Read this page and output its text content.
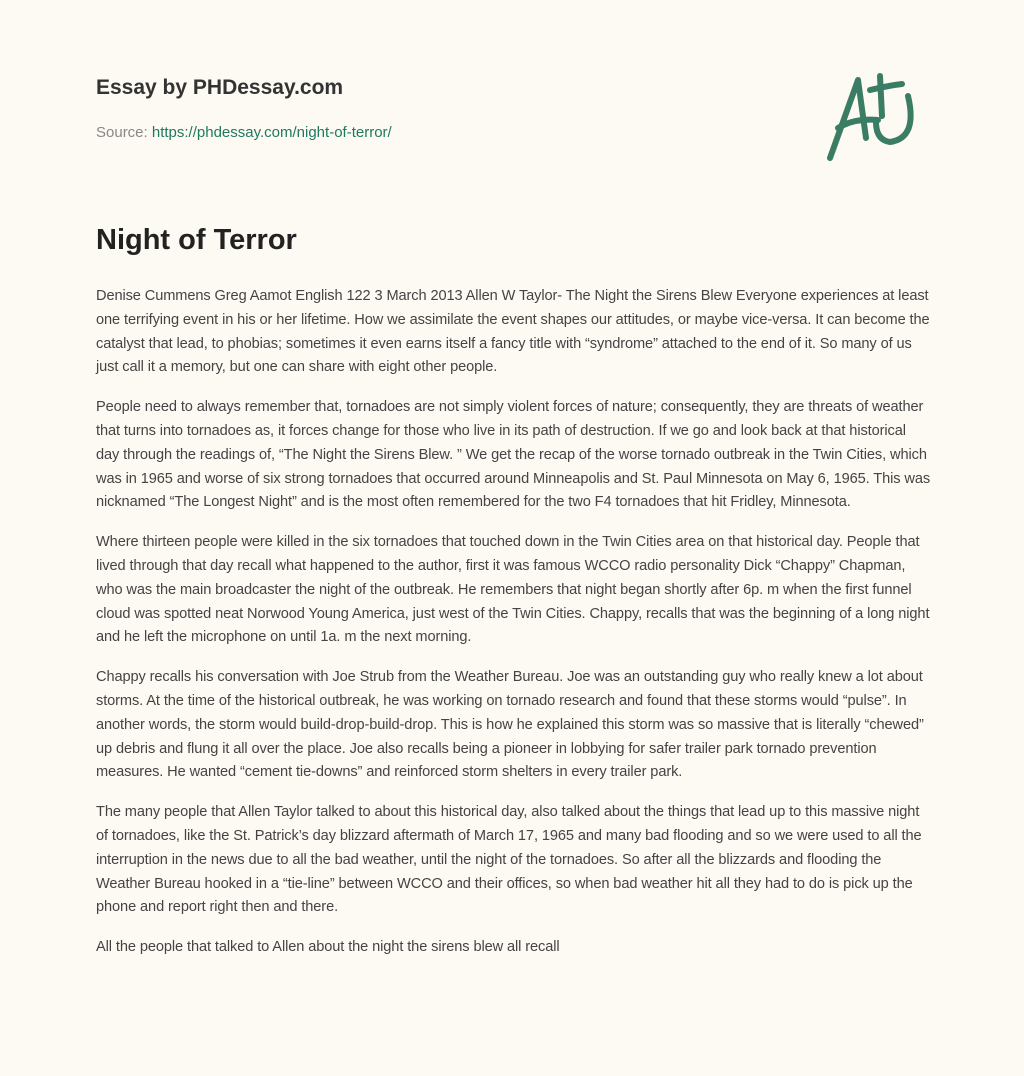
Essay by PHDessay.com

Source: https://phdessay.com/night-of-terror/
Night of Terror

Denise Cummens Greg Aamot English 122 3 March 2013 Allen W Taylor- The Night the Sirens Blew Everyone experiences at least one terrifying event in his or her lifetime. How we assimilate the event shapes our attitudes, or maybe vice-versa. It can become the catalyst that lead, to phobias; sometimes it even earns itself a fancy title with “syndrome” attached to the end of it. So many of us just call it a memory, but one can share with eight other people.

People need to always remember that, tornadoes are not simply violent forces of nature; consequently, they are threats of weather that turns into tornadoes as, it forces change for those who live in its path of destruction. If we go and look back at that historical day through the readings of, “The Night the Sirens Blew. ” We get the recap of the worse tornado outbreak in the Twin Cities, which was in 1965 and worse of six strong tornadoes that occurred around Minneapolis and St. Paul Minnesota on May 6, 1965. This was nicknamed “The Longest Night” and is the most often remembered for the two F4 tornadoes that hit Fridley, Minnesota.

Where thirteen people were killed in the six tornadoes that touched down in the Twin Cities area on that historical day. People that lived through that day recall what happened to the author, first it was famous WCCO radio personality Dick “Chappy” Chapman, who was the main broadcaster the night of the outbreak. He remembers that night began shortly after 6p. m when the first funnel cloud was spotted neat Norwood Young America, just west of the Twin Cities. Chappy, recalls that was the beginning of a long night and he left the microphone on until 1a. m the next morning.

Chappy recalls his conversation with Joe Strub from the Weather Bureau. Joe was an outstanding guy who really knew a lot about storms. At the time of the historical outbreak, he was working on tornado research and found that these storms would “pulse”. In another words, the storm would build-drop-build-drop. This is how he explained this storm was so massive that is literally “chewed” up debris and flung it all over the place. Joe also recalls being a pioneer in lobbying for safer trailer park tornado prevention measures. He wanted “cement tie-downs” and reinforced storm shelters in every trailer park.

The many people that Allen Taylor talked to about this historical day, also talked about the things that lead up to this massive night of tornadoes, like the St. Patrick’s day blizzard aftermath of March 17, 1965 and many bad flooding and so we were used to all the interruption in the news due to all the bad weather, until the night of the tornadoes. So after all the blizzards and flooding the Weather Bureau hooked in a “tie-line” between WCCO and their offices, so when bad weather hit all they had to do is pick up the phone and report right then and there.

All the people that talked to Allen about the night the sirens blew all recall
